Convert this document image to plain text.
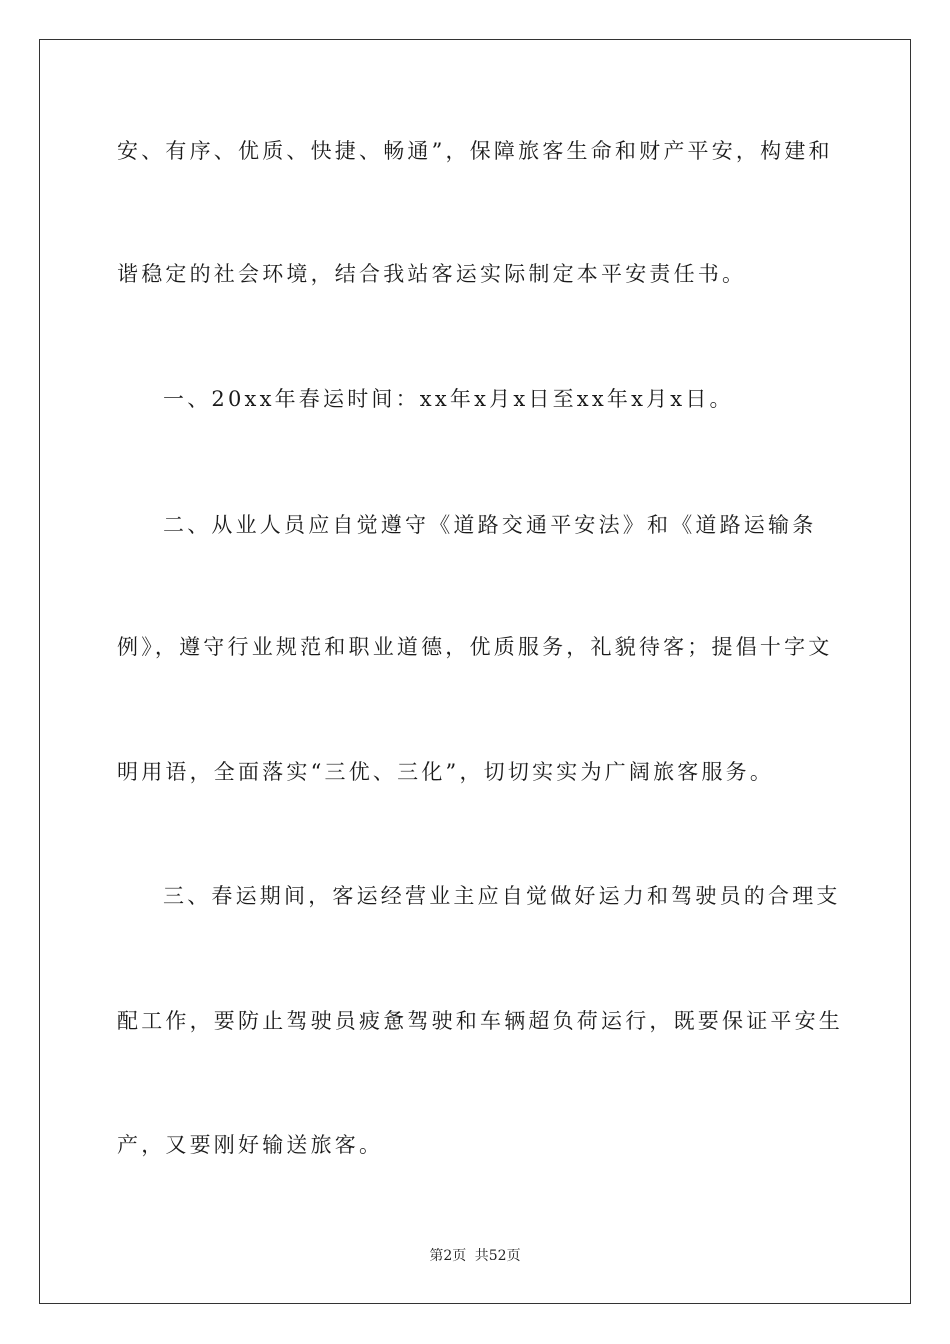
安、有序、优质、快捷、畅通”，保障旅客生命和财产平安，构建和
谐稳定的社会环境，结合我站客运实际制定本平安责任书。
一、20xx年春运时间：xx年x月x日至xx年x月x日。
二、从业人员应自觉遵守《道路交通平安法》和《道路运输条
例》，遵守行业规范和职业道德，优质服务，礼貌待客；提倡十字文
明用语，全面落实“三优、三化”，切切实实为广阔旅客服务。
三、春运期间，客运经营业主应自觉做好运力和驾驶员的合理支
配工作，要防止驾驶员疲惫驾驶和车辆超负荷运行，既要保证平安生
产，又要刚好输送旅客。
第2页 共52页
